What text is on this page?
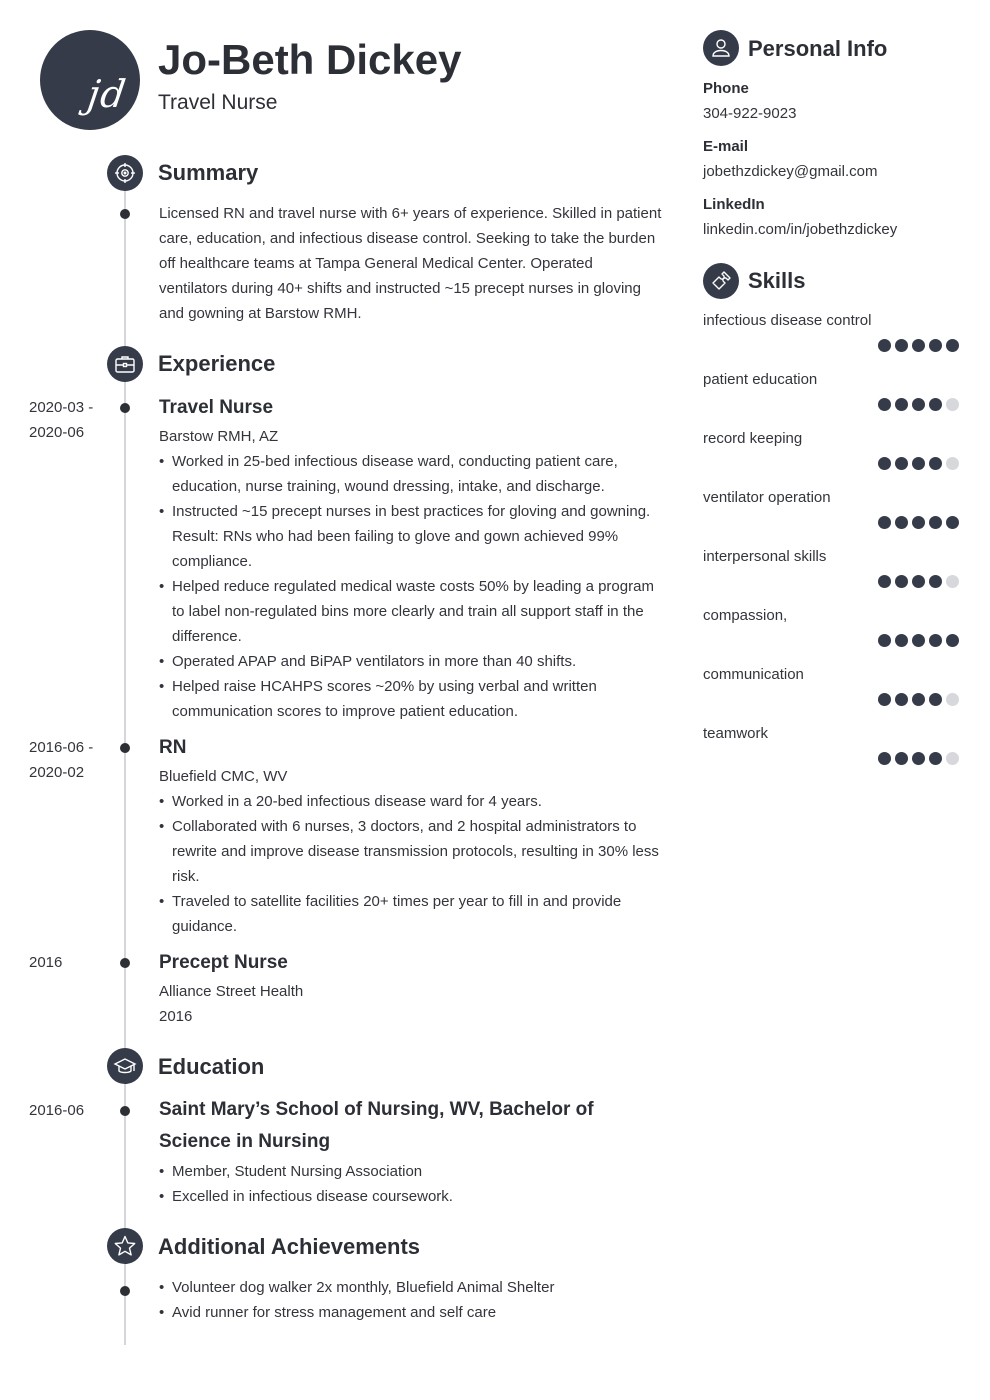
jd
Jo-Beth Dickey
Travel Nurse
Summary
Licensed RN and travel nurse with 6+ years of experience. Skilled in patient care, education, and infectious disease control. Seeking to take the burden off healthcare teams at Tampa General Medical Center. Operated ventilators during 40+ shifts and instructed ~15 precept nurses in gloving and gowning at Barstow RMH.
Experience
2020-03 -
2020-06
Travel Nurse
Barstow RMH, AZ
• Worked in 25-bed infectious disease ward, conducting patient care, education, nurse training, wound dressing, intake, and discharge.
• Instructed ~15 precept nurses in best practices for gloving and gowning. Result: RNs who had been failing to glove and gown achieved 99% compliance.
• Helped reduce regulated medical waste costs 50% by leading a program to label non-regulated bins more clearly and train all support staff in the difference.
• Operated APAP and BiPAP ventilators in more than 40 shifts.
• Helped raise HCAHPS scores ~20% by using verbal and written communication scores to improve patient education.
2016-06 -
2020-02
RN
Bluefield CMC, WV
• Worked in a 20-bed infectious disease ward for 4 years.
• Collaborated with 6 nurses, 3 doctors, and 2 hospital administrators to rewrite and improve disease transmission protocols, resulting in 30% less risk.
• Traveled to satellite facilities 20+ times per year to fill in and provide guidance.
2016	Precept Nurse
Alliance Street Health
2016
Education
2016-06	Saint Mary’s School of Nursing, WV, Bachelor of Science in Nursing
• Member, Student Nursing Association
• Excelled in infectious disease coursework.
Additional Achievements
• Volunteer dog walker 2x monthly, Bluefield Animal Shelter
• Avid runner for stress management and self care
Personal Info
Phone
304-922-9023
E-mail
jobethzdickey@gmail.com
LinkedIn
linkedin.com/in/jobethzdickey
Skills
infectious disease control
patient education
record keeping
ventilator operation
interpersonal skills
compassion,
communication
teamwork
